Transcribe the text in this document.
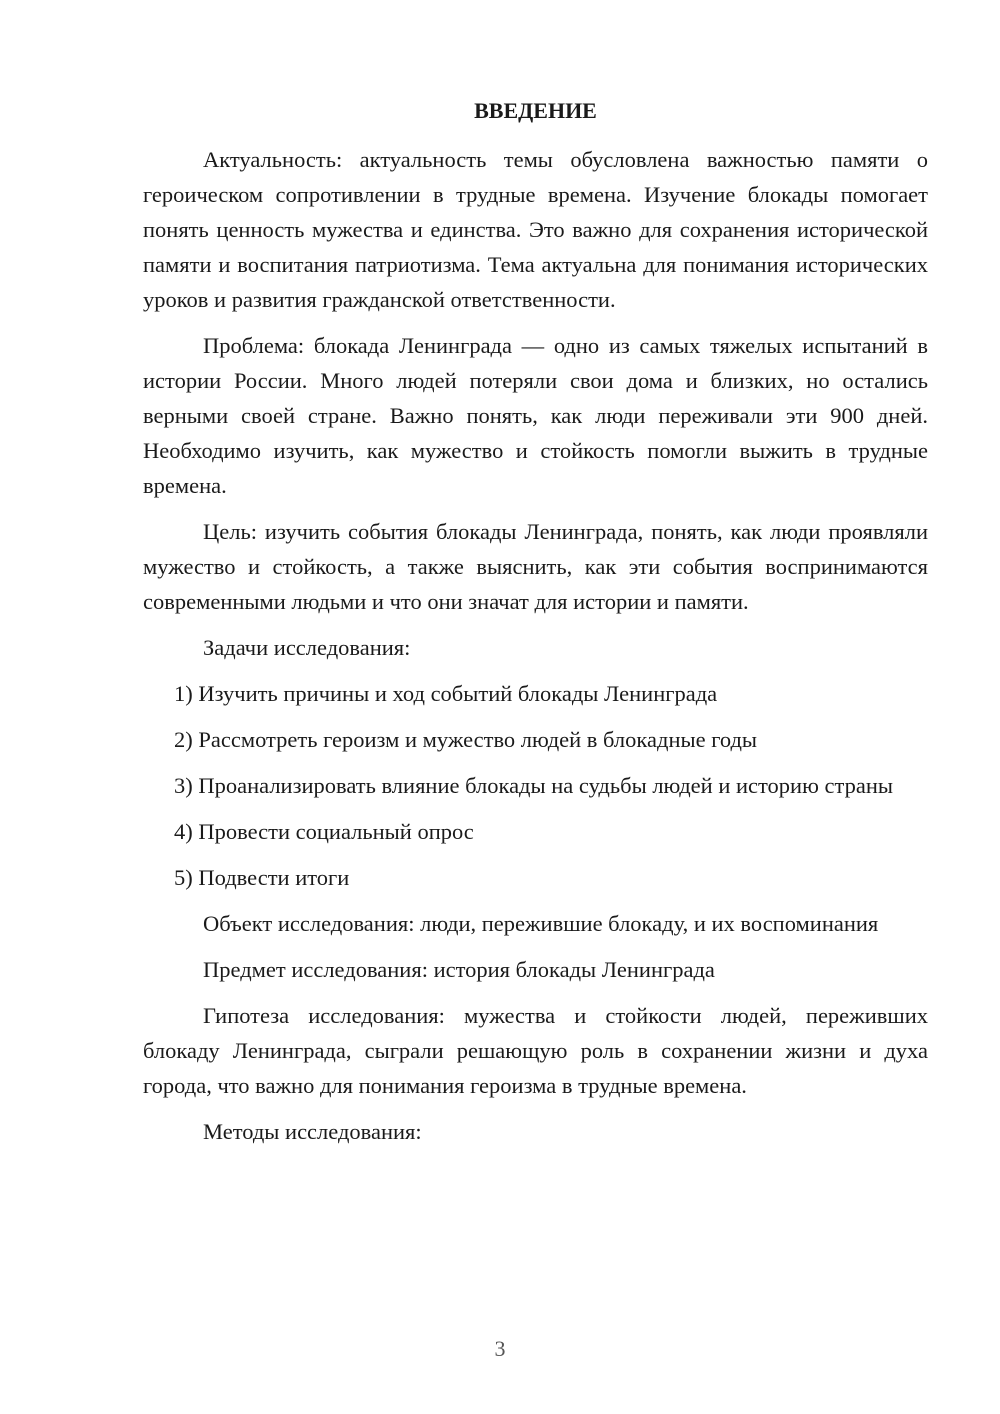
ВВЕДЕНИЕ

Актуальность: актуальность темы обусловлена важностью памяти о героическом сопротивлении в трудные времена. Изучение блокады помогает понять ценность мужества и единства. Это важно для сохранения исторической памяти и воспитания патриотизма. Тема актуальна для понимания исторических уроков и развития гражданской ответственности.

Проблема: блокада Ленинграда — одно из самых тяжелых испытаний в истории России. Много людей потеряли свои дома и близких, но остались верными своей стране. Важно понять, как люди переживали эти 900 дней. Необходимо изучить, как мужество и стойкость помогли выжить в трудные времена.

Цель: изучить события блокады Ленинграда, понять, как люди проявляли мужество и стойкость, а также выяснить, как эти события воспринимаются современными людьми и что они значат для истории и памяти.

Задачи исследования:

1) Изучить причины и ход событий блокады Ленинграда

2) Рассмотреть героизм и мужество людей в блокадные годы

3) Проанализировать влияние блокады на судьбы людей и историю страны

4) Провести социальный опрос

5) Подвести итоги

Объект исследования: люди, пережившие блокаду, и их воспоминания

Предмет исследования: история блокады Ленинграда

Гипотеза исследования: мужества и стойкости людей, переживших блокаду Ленинграда, сыграли решающую роль в сохранении жизни и духа города, что важно для понимания героизма в трудные времена.

Методы исследования:

3
